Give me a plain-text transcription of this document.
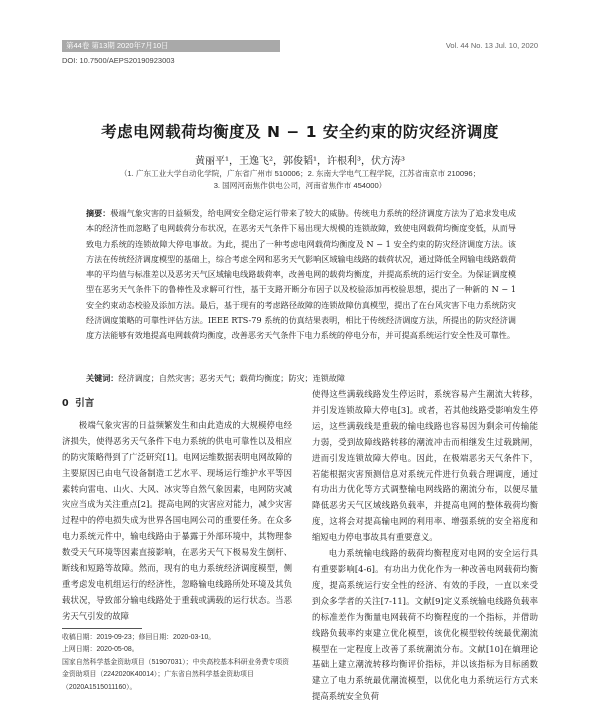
第44卷 第13期 2020年7月10日	Vol. 44 No. 13 Jul. 10, 2020
DOI: 10.7500/AEPS20190923003
考虑电网载荷均衡度及 N − 1 安全约束的防灾经济调度
黄丽平¹，王逸飞²，郭俊韬¹，许根利³，伏方涛³
（1. 广东工业大学自动化学院，广东省广州市 510006；2. 东南大学电气工程学院，江苏省南京市 210096；
3. 国网河南焦作供电公司，河南省焦作市 454000）
摘要：极端气象灾害的日益频发，给电网安全稳定运行带来了较大的威胁。传统电力系统的经济调度方法为了追求发电成本的经济性而忽略了电网载荷分布状况，在恶劣天气条件下易出现大规模的连锁故障，致使电网载荷均衡度变低，从而导致电力系统的连锁故障大停电事故。为此，提出了一种考虑电网载荷均衡度及 N − 1 安全约束的防灾经济调度方法。该方法在传统经济调度模型的基础上，综合考虑全网和恶劣天气影响区域输电线路的载荷状况，通过降低全网输电线路载荷率的平均值与标准差以及恶劣天气区域输电线路载荷率，改善电网的载荷均衡度，并提高系统的运行安全。为保证调度模型在恶劣天气条件下的鲁棒性及求解可行性，基于支路开断分布因子以及校验添加再校验思想，提出了一种新的 N − 1 安全约束动态校验及添加方法。最后，基于现有的考虑路径故障的连锁故障仿真模型，提出了在台风灾害下电力系统防灾经济调度策略的可靠性评估方法。IEEE RTS-79 系统的仿真结果表明，相比于传统经济调度方法，所提出的防灾经济调度方法能够有效地提高电网载荷均衡度，改善恶劣天气条件下电力系统的停电分布，并可提高系统运行安全性及可靠性。
关键词：经济调度；自然灾害；恶劣天气；载荷均衡度；防灾；连锁故障
0 引言

极端气象灾害的日益频繁发生和由此造成的大规模停电经济损失，使得恶劣天气条件下电力系统的供电可靠性以及相应的防灾策略得到了广泛研究[1]。电网运维数据表明电网故障的主要原因已由电气设备制造工艺水平、现场运行维护水平等因素转向雷电、山火、大风、冰灾等自然气象因素，电网防灾减灾应当成为关注重点[2]。提高电网的灾害应对能力，减少灾害过程中的停电损失成为世界各国电网公司的重要任务。在众多电力系统元件中，输电线路由于暴露于外部环境中，其物理参数受天气环境等因素直接影响，在恶劣天气下极易发生倒杆、断线和短路等故障。然而，现有的电力系统经济调度模型，侧重考虑发电机组运行的经济性，忽略输电线路所处环境及其负载状况，导致部分输电线路处于重载或满载的运行状态。当恶劣天气引发的故障

使得这些满载线路发生停运时，系统容易产生潮流大转移，并引发连锁故障大停电[3]。或者，若其他线路受影响发生停运，这些满载线是重载的输电线路也容易因为剩余可传输能力弱，受到故障线路转移的潮流冲击而相继发生过载跳闸，进而引发连锁故障大停电。因此，在极端恶劣天气条件下，若能根据灾害预测信息对系统元件进行负载合理调度，通过有功出力优化等方式调整输电网线路的潮流分布，以便尽量降低恶劣天气区域线路负载率，并提高电网的整体载荷均衡度，这将会对提高输电网的利用率、增强系统的安全裕度和缩短电力停电事故具有重要意义。

电力系统输电线路的载荷均衡程度对电网的安全运行具有重要影响[4-6]。有功出力优化作为一种改善电网载荷均衡度，提高系统运行安全性的经济、有效的手段，一直以来受到众多学者的关注[7-11]。文献[9]定义系统输电线路负载率的标准差作为衡量电网载荷不均衡程度的一个指标，并借助线路负载率约束建立优化模型，该优化模型较传统最优潮流模型在一定程度上改善了系统潮流分布。文献[10]在熵理论基础上建立潮流转移均衡评价指标，并以该指标为目标函数建立了电力系统最优潮流模型，以优化电力系统运行方式来提高系统安全负荷

收稿日期：2019-09-23；修回日期：2020-03-10。
上网日期：2020-05-08。
国家自然科学基金资助项目（51907031）；中央高校基本科研业务费专项资金资助项目（2242020K40014）；广东省自然科学基金资助项目（2020A1515011160）。
